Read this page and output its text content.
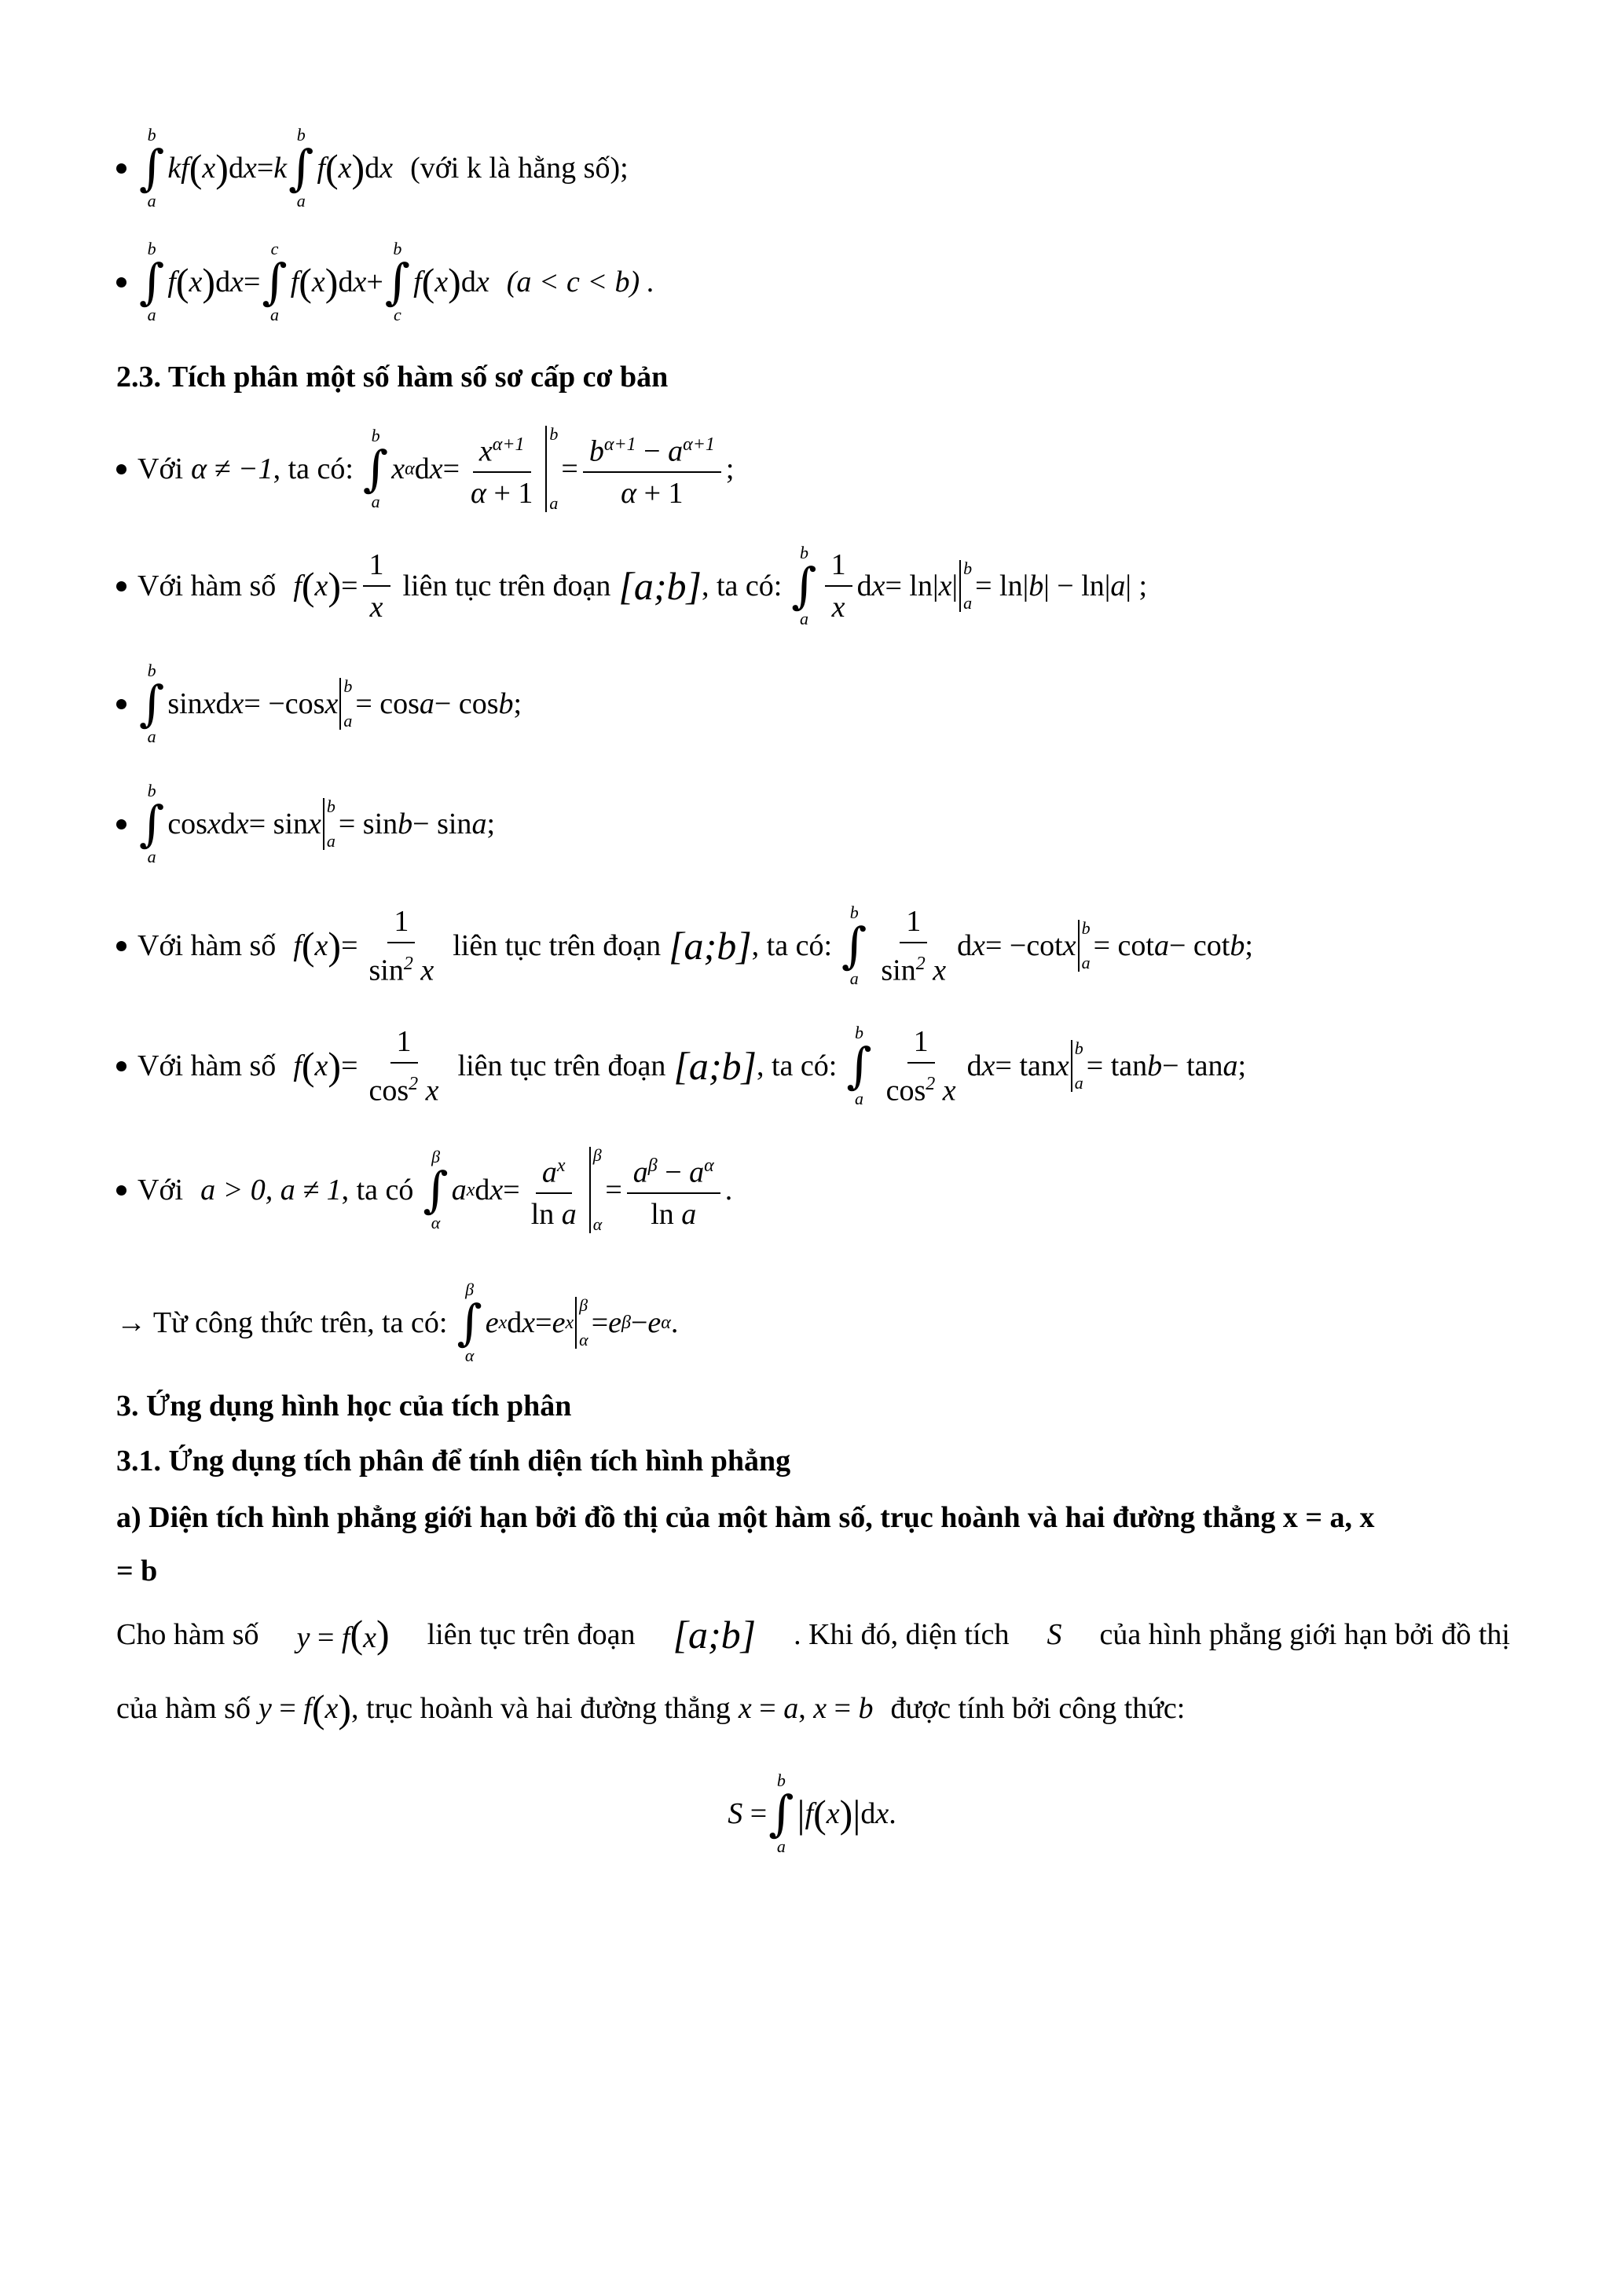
b
∫
a
kf ( x ) d x = k
b
∫
a
f ( x ) d x (với k là hằng số);
b
∫
a
f ( x ) d x =
c
∫
a
f ( x ) d x +
b
∫
c
f ( x ) d x (a < c < b) .
2.3. Tích phân một số hàm số sơ cấp cơ bản
Với α ≠ −1 , ta có:
b
∫
a
x α d $x = \frac{x^{\alpha+1}}{\alpha + 1}$ b
a
= $\frac{b^{\alpha+1} - a^{\alpha+1}}{\alpha + 1}$ ;
Với hàm số f ( x ) = $\frac{1}{x}$ liên tục trên đoạn [a;b] , ta có:
b
∫
a $\frac{1}{x}$ d x = ln| x |
b
a
= ln| b | − ln| a | ;
b
∫
a
sin x d x = −cos x
b
a
= cos a − cos b ;
b
∫
a
cos x d x = sin x
b
a
= sin b − sin a ;
Với hàm số f ( x ) = $\frac{1}{\sin^2 x}$ liên tục trên đoạn [a;b] , ta có:
b
∫
a $\frac{1}{\sin^2 x}$ d x = −cot x
b
a
= cot a − cot b ;
Với hàm số f ( x ) = $\frac{1}{\cos^2 x}$ liên tục trên đoạn [a;b] , ta có:
b
∫
a $\frac{1}{\cos^2 x}$ d x = tan x
b
a
= tan b − tan a ;
Với a > 0, a ≠ 1 , ta có
β
∫
α
a x d $x = \frac{a^x}{\text{ln a}}$ β
α
= $\frac{a^\beta - a^\alpha}{\text{ln a}}$ .
→ Từ công thức trên, ta có:
β
∫
α
e x d x = e x
β
α
= e β − e α .
3. Ứng dụng hình học của tích phân
3.1. Ứng dụng tích phân để tính diện tích hình phẳng
a) Diện tích hình phẳng giới hạn bởi đồ thị của một hàm số, trục hoành và hai đường thẳng x = a, x
= b
Cho hàm số y = f(x) liên tục trên đoạn [a;b] . Khi đó, diện tích S của hình phẳng giới hạn bởi đồ thị
của hàm số y = f ( x ) , trục hoành và hai đường thẳng x = a , x = b được tính bởi công thức:
S =
b
∫
a
| f ( x ) | d x .
